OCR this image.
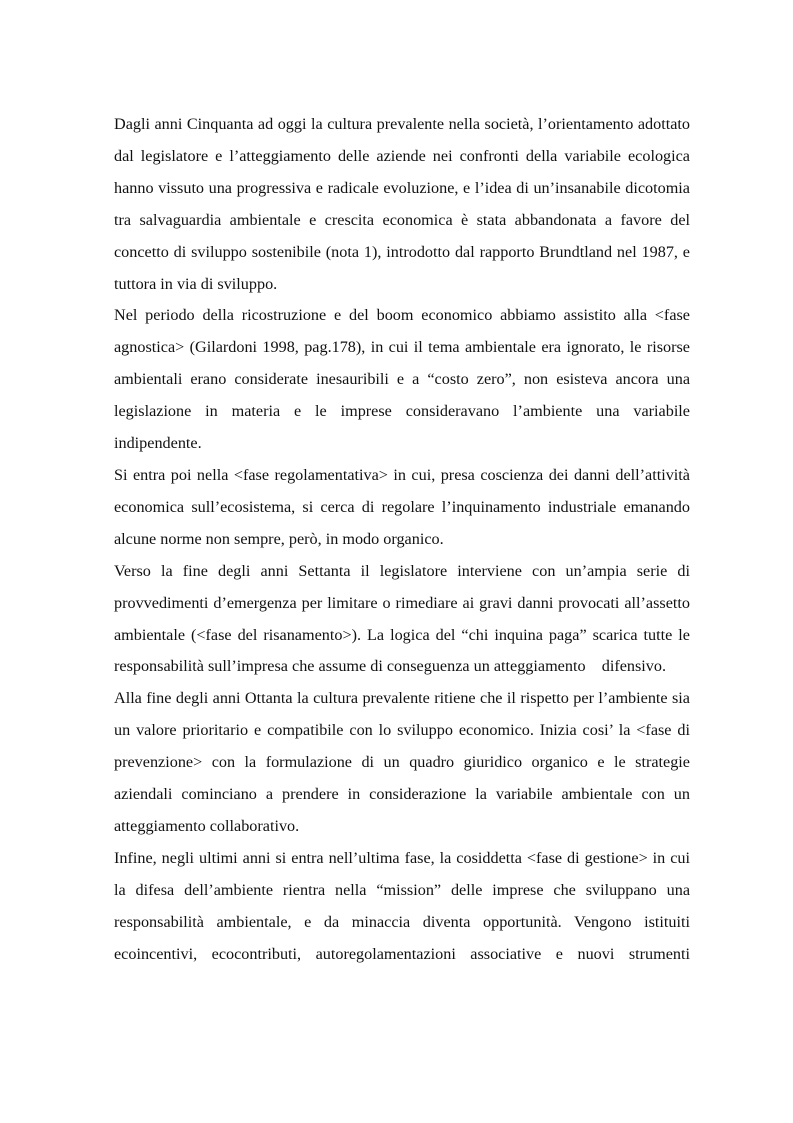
Dagli anni Cinquanta ad oggi la cultura prevalente nella società, l’orientamento adottato dal legislatore e l’atteggiamento delle aziende nei confronti della variabile ecologica hanno vissuto una progressiva e radicale evoluzione, e l’idea di un’insanabile dicotomia tra salvaguardia ambientale e crescita economica è stata abbandonata a favore del concetto di sviluppo sostenibile (nota 1), introdotto dal rapporto Brundtland nel 1987, e tuttora in via di sviluppo.

Nel periodo della ricostruzione e del boom economico abbiamo assistito alla <fase agnostica> (Gilardoni 1998, pag.178), in cui il tema ambientale era ignorato, le risorse ambientali erano considerate inesauribili e a “costo zero”, non esisteva ancora una legislazione in materia e le imprese consideravano l’ambiente una variabile indipendente.

Si entra poi nella <fase regolamentativa> in cui, presa coscienza dei danni dell’attività economica sull’ecosistema, si cerca di regolare l’inquinamento industriale emanando alcune norme non sempre, però, in modo organico.

Verso la fine degli anni Settanta il legislatore interviene con un’ampia serie di provvedimenti d’emergenza per limitare o rimediare ai gravi danni provocati all’assetto ambientale (<fase del risanamento>). La logica del “chi inquina paga” scarica tutte le responsabilità sull’impresa che assume di conseguenza un atteggiamento    difensivo.

Alla fine degli anni Ottanta la cultura prevalente ritiene che il rispetto per l’ambiente sia un valore prioritario e compatibile con lo sviluppo economico. Inizia cosi’ la <fase di prevenzione> con la formulazione di un quadro giuridico organico e le strategie aziendali cominciano a prendere in considerazione la variabile ambientale con un atteggiamento collaborativo.

Infine, negli ultimi anni si entra nell’ultima fase, la cosiddetta <fase di gestione> in cui la difesa dell’ambiente rientra nella “mission” delle imprese che sviluppano una responsabilità ambientale, e da minaccia diventa opportunità. Vengono istituiti ecoincentivi, ecocontributi, autoregolamentazioni associative e nuovi strumenti
